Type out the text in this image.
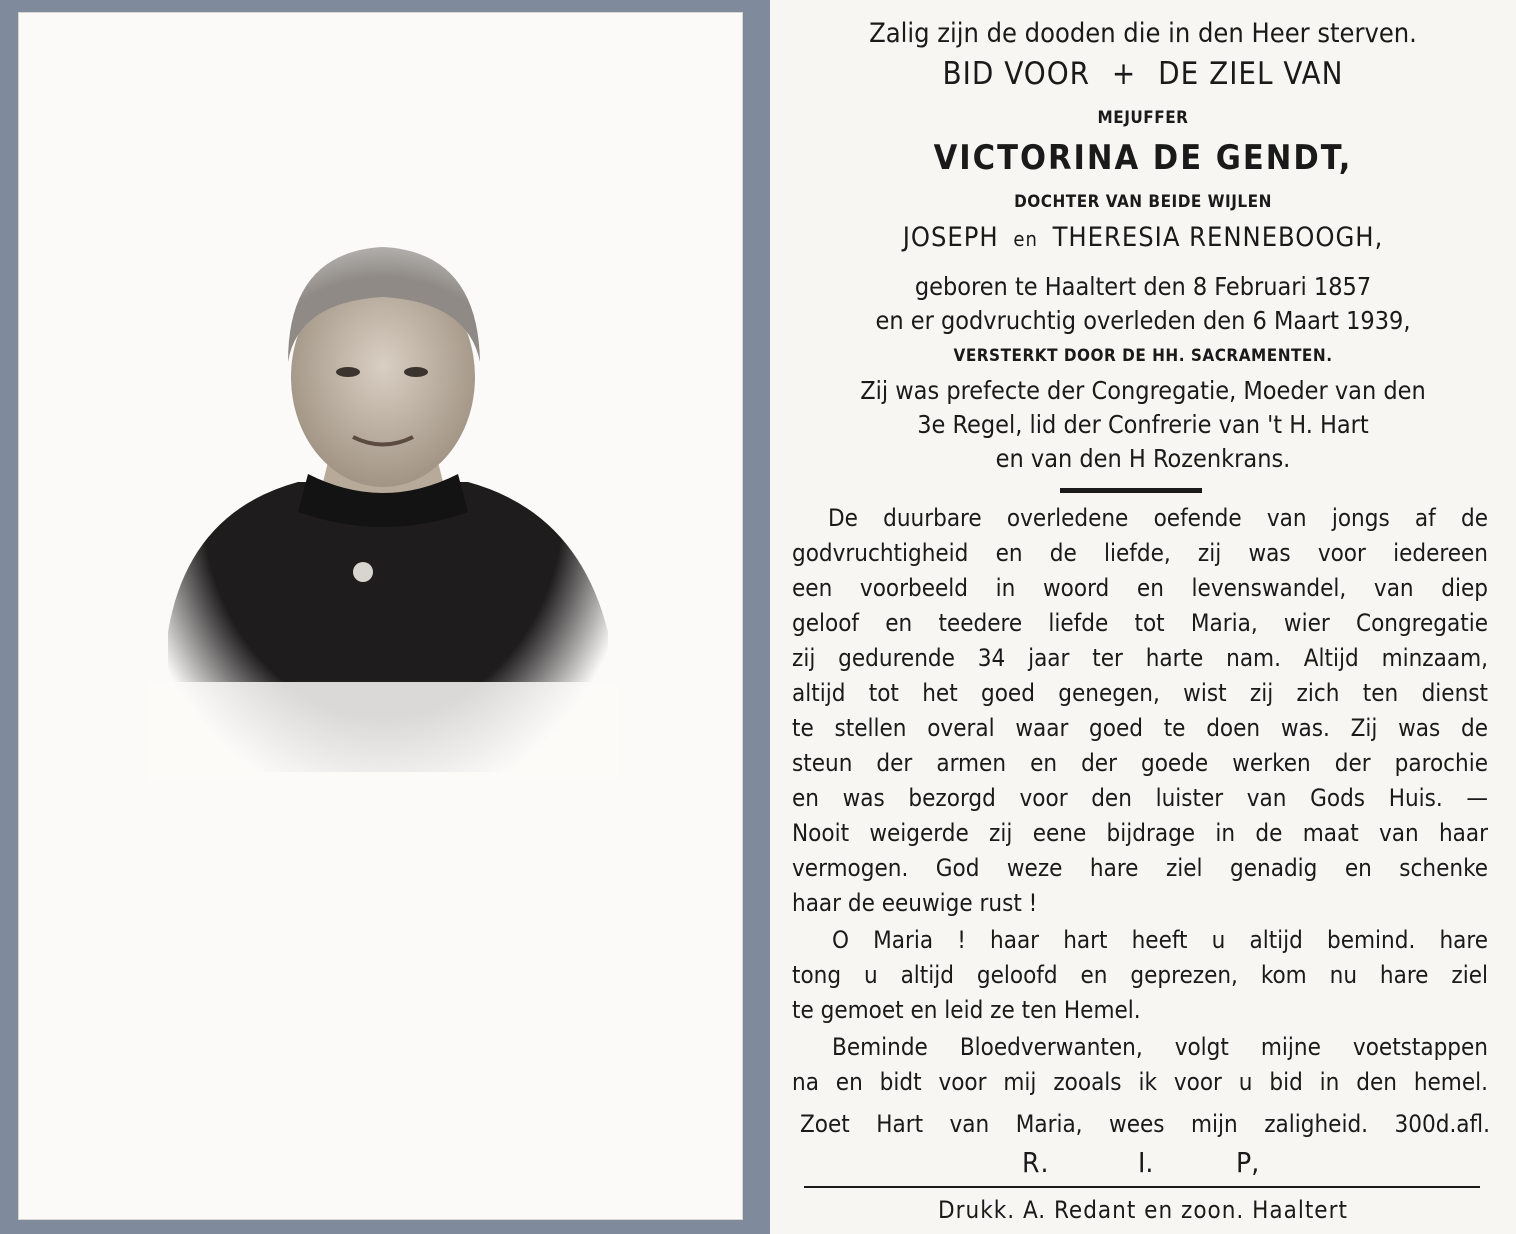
Zalig zijn de dooden die in den Heer sterven.
BID VOOR + DE ZIEL VAN
MEJUFFER
VICTORINA DE GENDT,
DOCHTER VAN BEIDE WIJLEN
JOSEPH en THERESIA RENNEBOOGH,
geboren te Haaltert den 8 Februari 1857
en er godvruchtig overleden den 6 Maart 1939,
VERSTERKT DOOR DE HH. SACRAMENTEN.
Zij was prefecte der Congregatie, Moeder van den
3e Regel, lid der Confrerie van 't H. Hart
en van den H Rozenkrans.
De duurbare overledene oefende van jongs af de
godvruchtigheid en de liefde, zij was voor iedereen
een voorbeeld in woord en levenswandel, van diep
geloof en teedere liefde tot Maria, wier Congregatie
zij gedurende 34 jaar ter harte nam. Altijd minzaam,
altijd tot het goed genegen, wist zij zich ten dienst
te stellen overal waar goed te doen was. Zij was de
steun der armen en der goede werken der parochie
en was bezorgd voor den luister van Gods Huis. —
Nooit weigerde zij eene bijdrage in de maat van haar
vermogen. God weze hare ziel genadig en schenke
haar de eeuwige rust !
O Maria ! haar hart heeft u altijd bemind. hare
tong u altijd geloofd en geprezen, kom nu hare ziel
te gemoet en leid ze ten Hemel.
Beminde Bloedverwanten, volgt mijne voetstappen
na en bidt voor mij zooals ik voor u bid in den hemel.
Zoet Hart van Maria, wees mijn zaligheid. 300d.afl.
R.	I.	P,
Drukk. A. Redant en zoon. Haaltert
